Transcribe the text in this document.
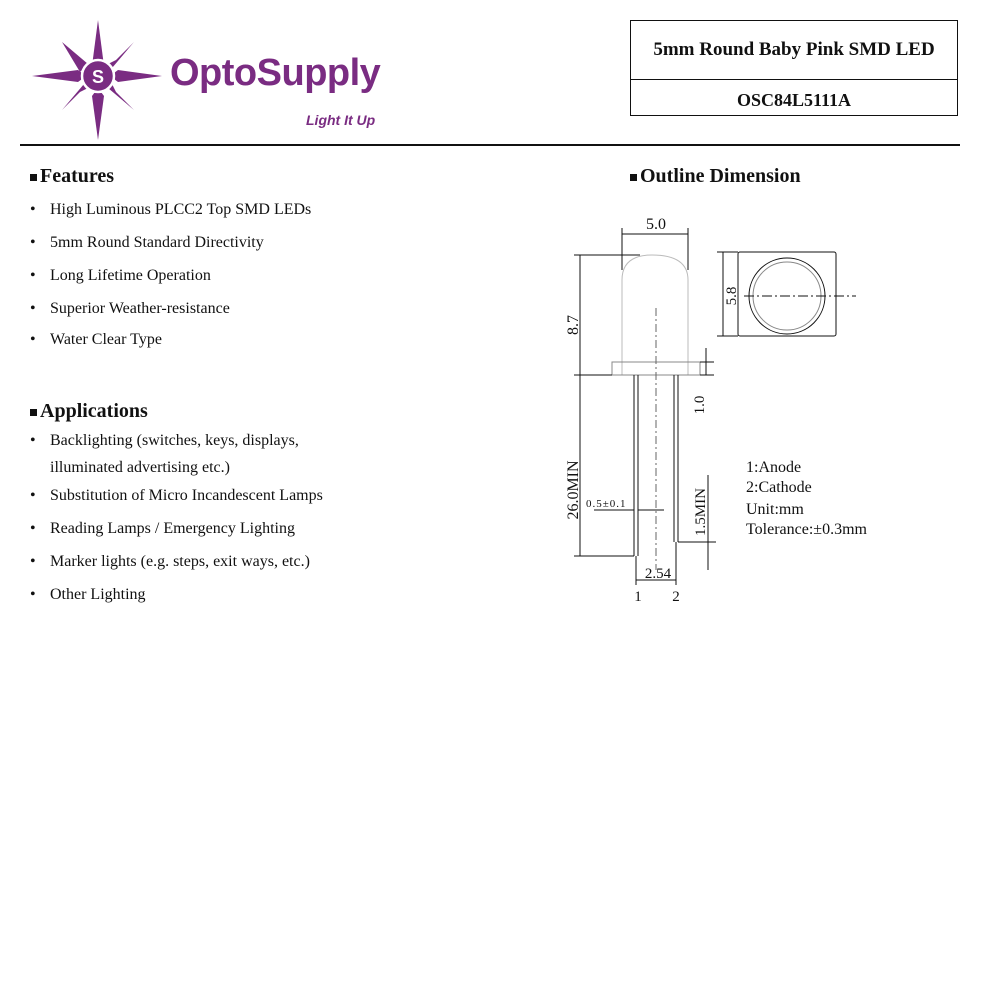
S OptoSupply
Light It Up
5mm Round Baby Pink SMD LED
OSC84L5111A
Features
• High Luminous PLCC2 Top SMD LEDs
• 5mm Round Standard Directivity
• Long Lifetime Operation
• Superior Weather-resistance
• Water Clear Type
Applications
• Backlighting (switches, keys, displays,
illuminated advertising etc.)
• Substitution of Micro Incandescent Lamps
• Reading Lamps / Emergency Lighting
• Marker lights (e.g. steps, exit ways, etc.)
• Other Lighting
Outline Dimension
5.0
8.7
26.0MIN
1.0
1.5MIN
0.5±0.1
2.54
1 2
5.8
1:Anode
2:Cathode
Unit:mm
Tolerance:±0.3mm
